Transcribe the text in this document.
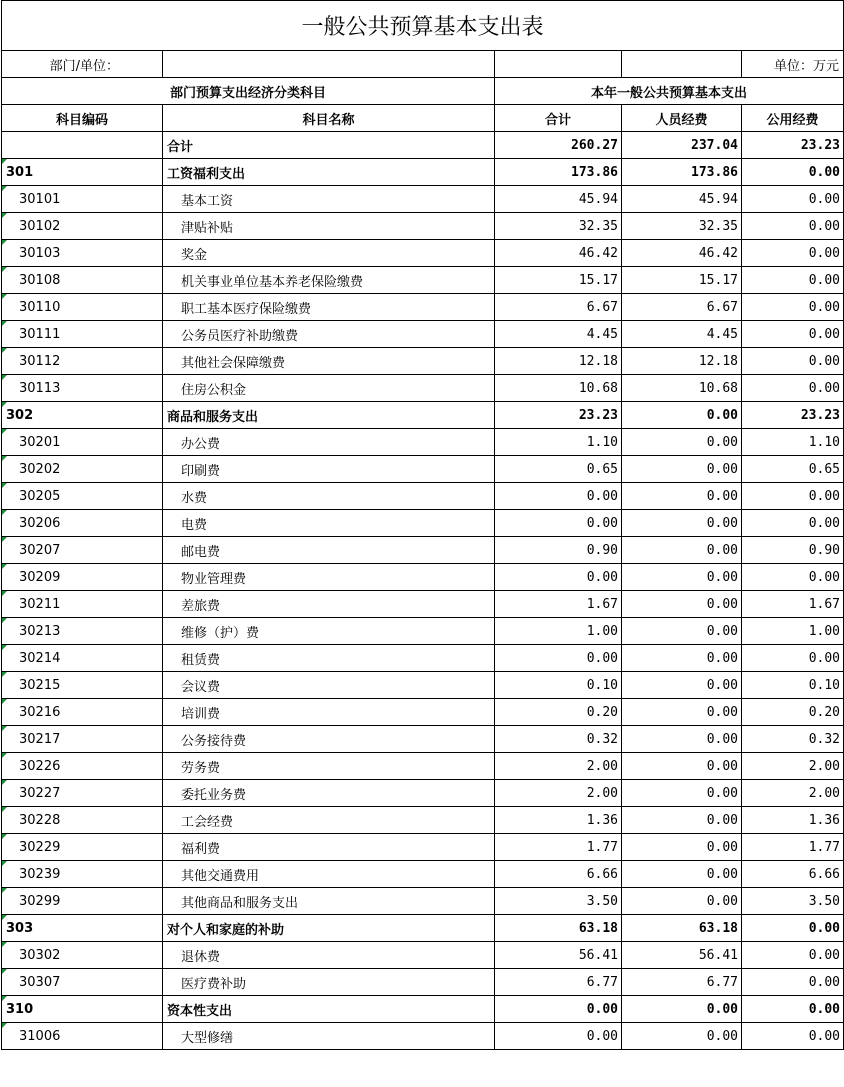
一般公共预算基本支出表				
部门/单位：				单位：万元
部门预算支出经济分类科目		本年一般公共预算基本支出		
科目编码	科目名称	合计	人员经费	公用经费
	合计	260.27	237.04	23.23

301	工资福利支出	173.86	173.86	0.00

30101	基本工资	45.94	45.94	0.00

30102	津贴补贴	32.35	32.35	0.00

30103	奖金	46.42	46.42	0.00

30108	机关事业单位基本养老保险缴费	15.17	15.17	0.00

30110	职工基本医疗保险缴费	6.67	6.67	0.00

30111	公务员医疗补助缴费	4.45	4.45	0.00

30112	其他社会保障缴费	12.18	12.18	0.00

30113	住房公积金	10.68	10.68	0.00

302	商品和服务支出	23.23	0.00	23.23

30201	办公费	1.10	0.00	1.10

30202	印刷费	0.65	0.00	0.65

30205	水费	0.00	0.00	0.00

30206	电费	0.00	0.00	0.00

30207	邮电费	0.90	0.00	0.90

30209	物业管理费	0.00	0.00	0.00

30211	差旅费	1.67	0.00	1.67

30213	维修（护）费	1.00	0.00	1.00

30214	租赁费	0.00	0.00	0.00

30215	会议费	0.10	0.00	0.10

30216	培训费	0.20	0.00	0.20

30217	公务接待费	0.32	0.00	0.32

30226	劳务费	2.00	0.00	2.00

30227	委托业务费	2.00	0.00	2.00

30228	工会经费	1.36	0.00	1.36

30229	福利费	1.77	0.00	1.77

30239	其他交通费用	6.66	0.00	6.66

30299	其他商品和服务支出	3.50	0.00	3.50

303	对个人和家庭的补助	63.18	63.18	0.00

30302	退休费	56.41	56.41	0.00

30307	医疗费补助	6.77	6.77	0.00

310	资本性支出	0.00	0.00	0.00

31006	大型修缮	0.00	0.00	0.00
